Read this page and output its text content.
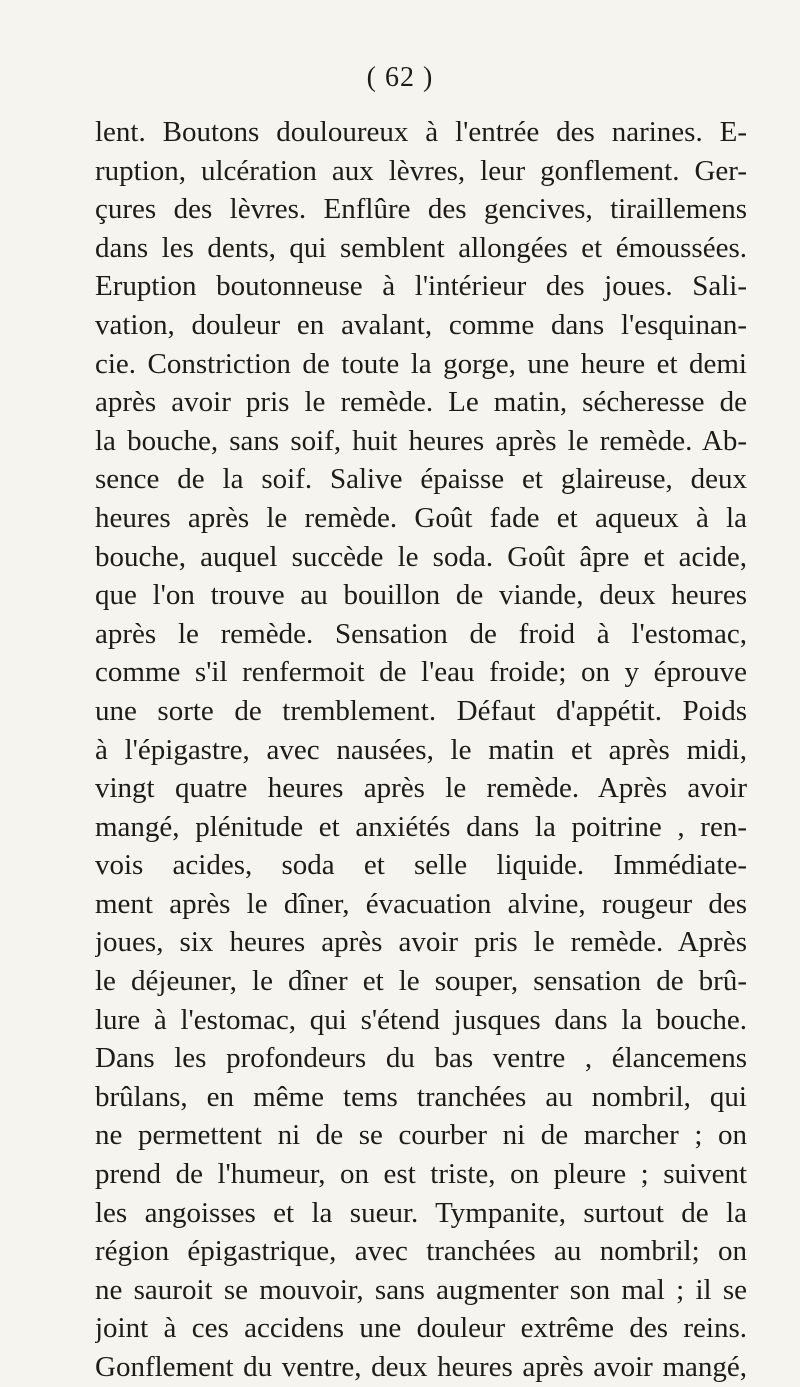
( 62 )
lent. Boutons douloureux à l'entrée des narines. E-
ruption, ulcération aux lèvres, leur gonflement. Ger-
çures des lèvres. Enflûre des gencives, tiraillemens
dans les dents, qui semblent allongées et émoussées.
Eruption boutonneuse à l'intérieur des joues. Sali-
vation, douleur en avalant, comme dans l'esquinan-
cie. Constriction de toute la gorge, une heure et demi
après avoir pris le remède. Le matin, sécheresse de
la bouche, sans soif, huit heures après le remède. Ab-
sence de la soif. Salive épaisse et glaireuse, deux
heures après le remède. Goût fade et aqueux à la
bouche, auquel succède le soda. Goût âpre et acide,
que l'on trouve au bouillon de viande, deux heures
après le remède. Sensation de froid à l'estomac,
comme s'il renfermoit de l'eau froide; on y éprouve
une sorte de tremblement. Défaut d'appétit. Poids
à l'épigastre, avec nausées, le matin et après midi,
vingt quatre heures après le remède. Après avoir
mangé, plénitude et anxiétés dans la poitrine , ren-
vois acides, soda et selle liquide. Immédiate-
ment après le dîner, évacuation alvine, rougeur des
joues, six heures après avoir pris le remède. Après
le déjeuner, le dîner et le souper, sensation de brû-
lure à l'estomac, qui s'étend jusques dans la bouche.
Dans les profondeurs du bas ventre , élancemens
brûlans, en même tems tranchées au nombril, qui
ne permettent ni de se courber ni de marcher ; on
prend de l'humeur, on est triste, on pleure ; suivent
les angoisses et la sueur. Tympanite, surtout de la
région épigastrique, avec tranchées au nombril; on
ne sauroit se mouvoir, sans augmenter son mal ; il se
joint à ces accidens une douleur extrême des reins.
Gonflement du ventre, deux heures après avoir mangé,
